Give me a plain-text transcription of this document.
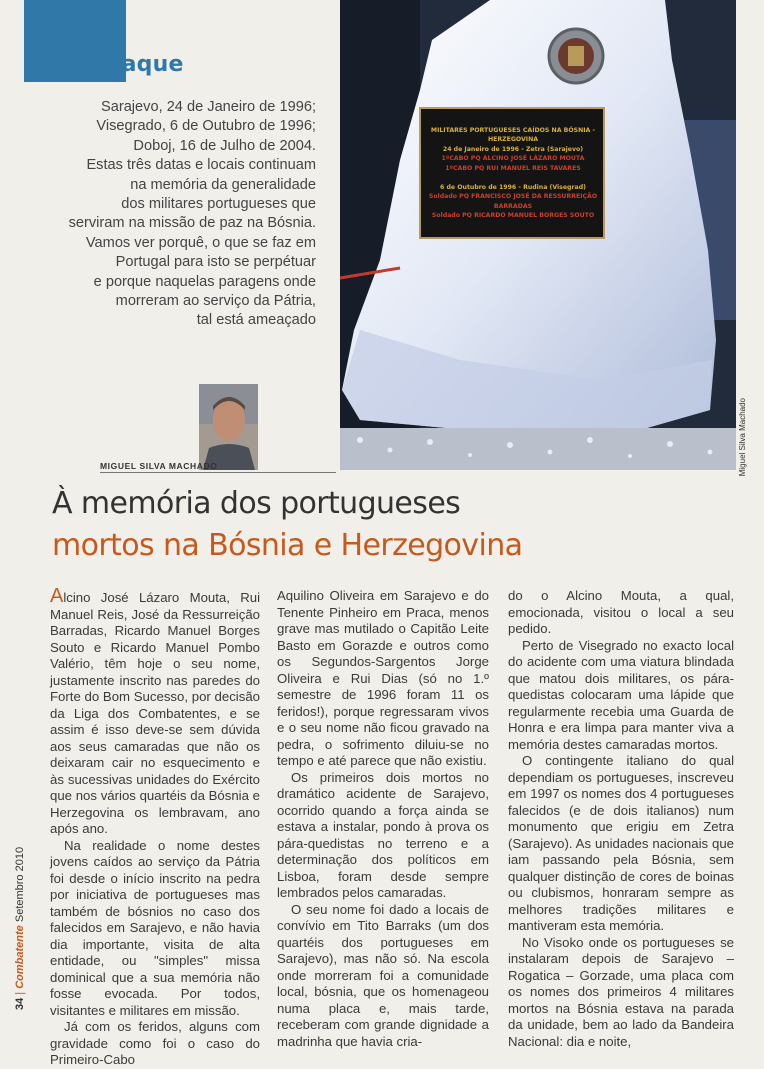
Destaque
Sarajevo, 24 de Janeiro de 1996;
Visegrado, 6 de Outubro de 1996;
Doboj, 16 de Julho de 2004.
Estas três datas e locais continuam
na memória da generalidade
dos militares portugueses que
serviram na missão de paz na Bósnia.
Vamos ver porquê, o que se faz em
Portugal para isto se perpétuar
e porque naquelas paragens onde
morreram ao serviço da Pátria,
tal está ameaçado
MILITARES PORTUGUESES CAÍDOS NA BÓSNIA - HERZEGOVINA
24 de Janeiro de 1996 - Zetra (Sarajevo)
1ºCABO PQ ALCINO JOSÉ LÁZARO MOUTA
1ºCABO PQ RUI MANUEL REIS TAVARES
6 de Outubro de 1996 - Rudina (Visegrad)
Soldado PQ FRANCISCO JOSÉ DA RESSURREIÇÃO BARRADAS
Soldado PQ RICARDO MANUEL BORGES SOUTO
Miguel Silva Machado
MIGUEL SILVA MACHADO
À memória dos portugueses
mortos na Bósnia e Herzegovina

Alcino José Lázaro Mouta, Rui Manuel Reis, José da Ressurreição Barradas, Ricardo Manuel Borges Souto e Ricardo Manuel Pombo Valério, têm hoje o seu nome, justamente inscrito nas paredes do Forte do Bom Sucesso, por decisão da Liga dos Combatentes, e se assim é isso deve-se sem dúvida aos seus camaradas que não os deixaram cair no esquecimento e às sucessivas unidades do Exército que nos vários quartéis da Bósnia e Herzegovina os lembravam, ano após ano.

Na realidade o nome destes jovens caídos ao serviço da Pátria foi desde o início inscrito na pedra por iniciativa de portugueses mas também de bósnios no caso dos falecidos em Sarajevo, e não havia dia importante, visita de alta entidade, ou "simples" missa dominical que a sua memória não fosse evocada. Por todos, visitantes e militares em missão.

Já com os feridos, alguns com gravidade como foi o caso do Primeiro-Cabo

Aquilino Oliveira em Sarajevo e do Tenente Pinheiro em Praca, menos grave mas mutilado o Capitão Leite Basto em Gorazde e outros como os Segundos-Sargentos Jorge Oliveira e Rui Dias (só no 1.º semestre de 1996 foram 11 os feridos!), porque regressaram vivos e o seu nome não ficou gravado na pedra, o sofrimento diluiu-se no tempo e até parece que não existiu.

Os primeiros dois mortos no dramático acidente de Sarajevo, ocorrido quando a força ainda se estava a instalar, pondo à prova os pára-quedistas no terreno e a determinação dos políticos em Lisboa, foram desde sempre lembrados pelos camaradas.

O seu nome foi dado a locais de convívio em Tito Barraks (um dos quartéis dos portugueses em Sarajevo), mas não só. Na escola onde morreram foi a comunidade local, bósnia, que os homenageou numa placa e, mais tarde, receberam com grande dignidade a madrinha que havia cria-

do o Alcino Mouta, a qual, emocionada, visitou o local a seu pedido.

Perto de Visegrado no exacto local do acidente com uma viatura blindada que matou dois militares, os pára-quedistas colocaram uma lápide que regularmente recebia uma Guarda de Honra e era limpa para manter viva a memória destes camaradas mortos.

O contingente italiano do qual dependiam os portugueses, inscreveu em 1997 os nomes dos 4 portugueses falecidos (e de dois italianos) num monumento que erigiu em Zetra (Sarajevo). As unidades nacionais que iam passando pela Bósnia, sem qualquer distinção de cores de boinas ou clubismos, honraram sempre as melhores tradições militares e mantiveram esta memória.

No Visoko onde os portugueses se instalaram depois de Sarajevo – Rogatica – Gorzade, uma placa com os nomes dos primeiros 4 militares mortos na Bósnia estava na parada da unidade, bem ao lado da Bandeira Nacional: dia e noite,

34 | Combatente Setembro 2010
